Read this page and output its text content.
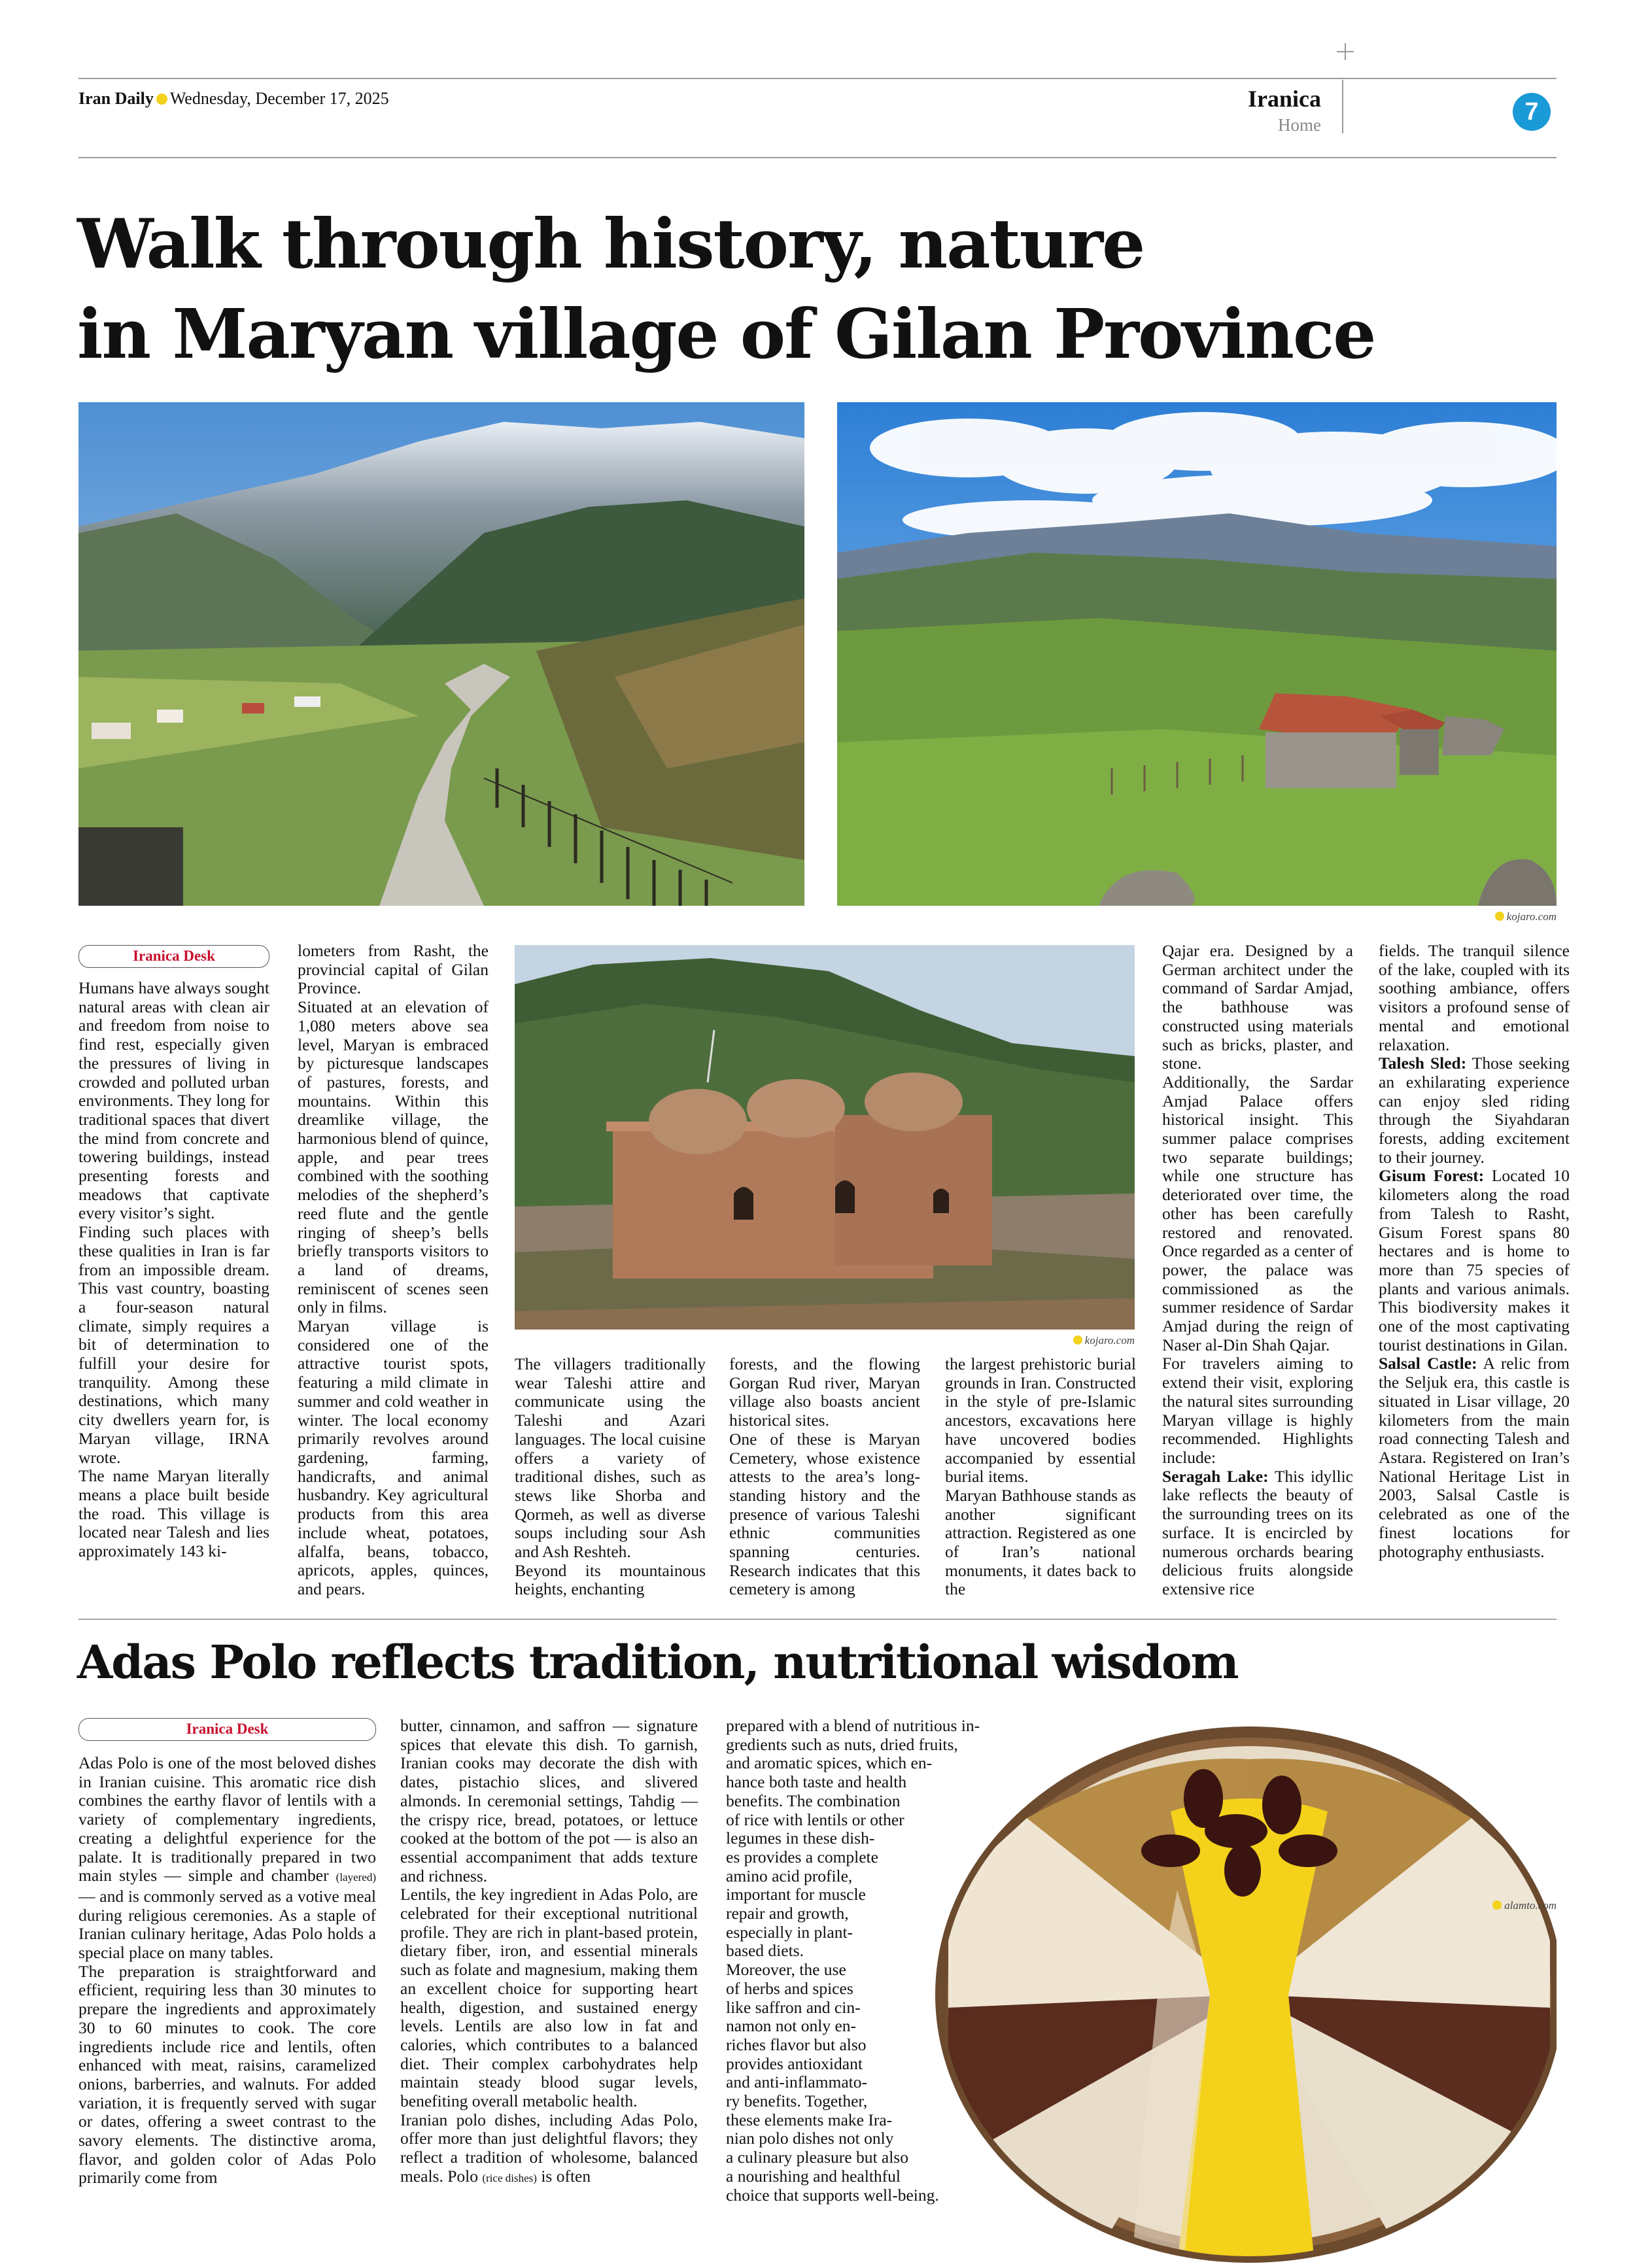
Iran Daily Wednesday, December 17, 2025	Iranica
Home	7
Walk through history, nature
in Maryan village of Gilan Province
kojaro.com
Iranica Desk

Humans have always sought natural areas with clean air and freedom from noise to find rest, especially given the pressures of living in crowded and polluted urban environments. They long for traditional spaces that divert the mind from concrete and towering buildings, instead presenting forests and meadows that captivate every visitor’s sight.

Finding such places with these qualities in Iran is far from an impossible dream. This vast country, boasting a four-season natural climate, simply requires a bit of determination to fulfill your desire for tranquility. Among these destinations, which many city dwellers yearn for, is Maryan village, IRNA wrote.

The name Maryan literally means a place built beside the road. This village is located near Talesh and lies approximately 143 ki-

lometers from Rasht, the provincial capital of Gilan Province.

Situated at an elevation of 1,080 meters above sea level, Maryan is embraced by picturesque landscapes of pastures, forests, and mountains. Within this dreamlike village, the harmonious blend of quince, apple, and pear trees combined with the soothing melodies of the shepherd’s reed flute and the gentle ringing of sheep’s bells briefly transports visitors to a land of dreams, reminiscent of scenes seen only in films.

Maryan village is considered one of the attractive tourist spots, featuring a mild climate in summer and cold weather in winter. The local economy primarily revolves around gardening, farming, handicrafts, and animal husbandry. Key agricultural products from this area include wheat, potatoes, alfalfa, beans, tobacco, apricots, apples, quinces, and pears.

kojaro.com

The villagers traditionally wear Taleshi attire and communicate using the Taleshi and Azari languages. The local cuisine offers a variety of traditional dishes, such as stews like Shorba and Qormeh, as well as diverse soups including sour Ash and Ash Reshteh.

Beyond its mountainous heights, enchanting

forests, and the flowing Gorgan Rud river, Maryan village also boasts ancient historical sites.

One of these is Maryan Cemetery, whose existence attests to the area’s long-standing history and the presence of various Taleshi ethnic communities spanning centuries. Research indicates that this cemetery is among

the largest prehistoric burial grounds in Iran. Constructed in the style of pre-Islamic ancestors, excavations here have uncovered bodies accompanied by essential burial items.

Maryan Bathhouse stands as another significant attraction. Registered as one of Iran’s national monuments, it dates back to the

Qajar era. Designed by a German architect under the command of Sardar Amjad, the bathhouse was constructed using materials such as bricks, plaster, and stone.

Additionally, the Sardar Amjad Palace offers historical insight. This summer palace comprises two separate buildings; while one structure has deteriorated over time, the other has been carefully restored and renovated. Once regarded as a center of power, the palace was commissioned as the summer residence of Sardar Amjad during the reign of Naser al-Din Shah Qajar.

For travelers aiming to extend their visit, exploring the natural sites surrounding Maryan village is highly recommended. Highlights include:

Seragah Lake: This idyllic lake reflects the beauty of the surrounding trees on its surface. It is encircled by numerous orchards bearing delicious fruits alongside extensive rice

fields. The tranquil silence of the lake, coupled with its soothing ambiance, offers visitors a profound sense of mental and emotional relaxation.

Talesh Sled: Those seeking an exhilarating experience can enjoy sled riding through the Siyahdaran forests, adding excitement to their journey.

Gisum Forest: Located 10 kilometers along the road from Talesh to Rasht, Gisum Forest spans 80 hectares and is home to more than 75 species of plants and various animals. This biodiversity makes it one of the most captivating tourist destinations in Gilan.

Salsal Castle: A relic from the Seljuk era, this castle is situated in Lisar village, 20 kilometers from the main road connecting Talesh and Astara. Registered on Iran’s National Heritage List in 2003, Salsal Castle is celebrated as one of the finest locations for photography enthusiasts.

Adas Polo reflects tradition, nutritional wisdom
Iranica Desk

Adas Polo is one of the most beloved dishes in Iranian cuisine. This aromatic rice dish combines the earthy flavor of lentils with a variety of complementary ingredients, creating a delightful experience for the palate. It is traditionally prepared in two main styles — simple and chamber (layered) — and is commonly served as a votive meal during religious ceremonies. As a staple of Iranian culinary heritage, Adas Polo holds a special place on many tables.

The preparation is straightforward and efficient, requiring less than 30 minutes to prepare the ingredients and approximately 30 to 60 minutes to cook. The core ingredients include rice and lentils, often enhanced with meat, raisins, caramelized onions, barberries, and walnuts. For added variation, it is frequently served with sugar or dates, offering a sweet contrast to the savory elements. The distinctive aroma, flavor, and golden color of Adas Polo primarily come from

butter, cinnamon, and saffron — signature spices that elevate this dish. To garnish, Iranian cooks may decorate the dish with dates, pistachio slices, and slivered almonds. In ceremonial settings, Tahdig — the crispy rice, bread, potatoes, or lettuce cooked at the bottom of the pot — is also an essential accompaniment that adds texture and richness.

Lentils, the key ingredient in Adas Polo, are celebrated for their exceptional nutritional profile. They are rich in plant-based protein, dietary fiber, iron, and essential minerals such as folate and magnesium, making them an excellent choice for supporting heart health, digestion, and sustained energy levels. Lentils are also low in fat and calories, which contributes to a balanced diet. Their complex carbohydrates help maintain steady blood sugar levels, benefiting overall metabolic health.

Iranian polo dishes, including Adas Polo, offer more than just delightful flavors; they reflect a tradition of wholesome, balanced meals. Polo (rice dishes) is often

prepared with a blend of nutritious in-
gredients such as nuts, dried fruits,
and aromatic spices, which en-
hance both taste and health
benefits. The combination
of rice with lentils or other
legumes in these dish-
es provides a complete
amino acid profile,
important for muscle
repair and growth,
especially in plant-
based diets.
Moreover, the use
of herbs and spices
like saffron and cin-
namon not only en-
riches flavor but also
provides antioxidant
and anti-inflammato-
ry benefits. Together,
these elements make Ira-
nian polo dishes not only
a culinary pleasure but also
a nourishing and healthful
choice that supports well-being.
alamto.com
